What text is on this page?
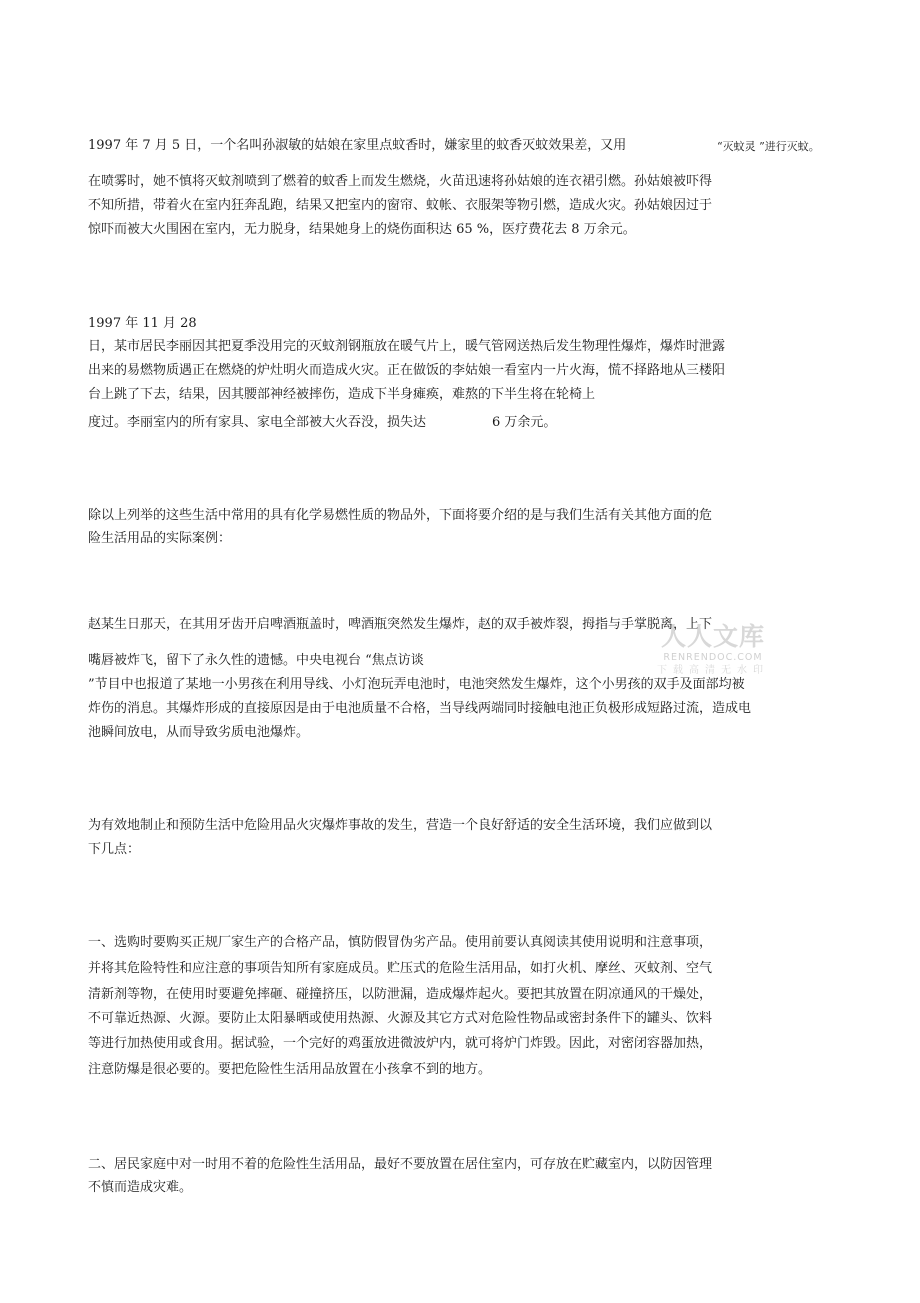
1997 年 7 月 5 日，一个名叫孙淑敏的姑娘在家里点蚊香时，嫌家里的蚊香灭蚊效果差，又用	“灭蚊灵 ”进行灭蚊。
在喷雾时，她不慎将灭蚊剂喷到了燃着的蚊香上而发生燃烧，火苗迅速将孙姑娘的连衣裙引燃。孙姑娘被吓得
不知所措，带着火在室内狂奔乱跑，结果又把室内的窗帘、蚊帐、衣服架等物引燃，造成火灾。孙姑娘因过于
惊吓而被大火围困在室内，无力脱身，结果她身上的烧伤面积达 65 %，医疗费花去 8 万余元。
1997 年 11 月 28
日，某市居民李丽因其把夏季没用完的灭蚊剂钢瓶放在暖气片上，暖气管网送热后发生物理性爆炸，爆炸时泄露
出来的易燃物质遇正在燃烧的炉灶明火而造成火灾。正在做饭的李姑娘一看室内一片火海，慌不择路地从三楼阳
台上跳了下去，结果，因其腰部神经被摔伤，造成下半身瘫痪，难熬的下半生将在轮椅上
度过。李丽室内的所有家具、家电全部被大火吞没，损失达	6 万余元。
除以上列举的这些生活中常用的具有化学易燃性质的物品外，下面将要介绍的是与我们生活有关其他方面的危
险生活用品的实际案例：
赵某生日那天，在其用牙齿开启啤酒瓶盖时，啤酒瓶突然发生爆炸，赵的双手被炸裂，拇指与手掌脱离，上下
嘴唇被炸飞，留下了永久性的遗憾。中央电视台 “焦点访谈
”节目中也报道了某地一小男孩在利用导线、小灯泡玩弄电池时，电池突然发生爆炸，这个小男孩的双手及面部均被
炸伤的消息。其爆炸形成的直接原因是由于电池质量不合格，当导线两端同时接触电池正负极形成短路过流，造成电
池瞬间放电，从而导致劣质电池爆炸。
人人文库
RENRENDOC.COM
下载高清无水印
为有效地制止和预防生活中危险用品火灾爆炸事故的发生，营造一个良好舒适的安全生活环境，我们应做到以
下几点：
一、选购时要购买正规厂家生产的合格产品，慎防假冒伪劣产品。使用前要认真阅读其使用说明和注意事项，
并将其危险特性和应注意的事项告知所有家庭成员。贮压式的危险生活用品，如打火机、摩丝、灭蚊剂、空气
清新剂等物，在使用时要避免摔砸、碰撞挤压，以防泄漏，造成爆炸起火。要把其放置在阴凉通风的干燥处，
不可靠近热源、火源。要防止太阳暴晒或使用热源、火源及其它方式对危险性物品或密封条件下的罐头、饮料
等进行加热使用或食用。据试验，一个完好的鸡蛋放进微波炉内，就可将炉门炸毁。因此，对密闭容器加热，
注意防爆是很必要的。要把危险性生活用品放置在小孩拿不到的地方。
二、居民家庭中对一时用不着的危险性生活用品，最好不要放置在居住室内，可存放在贮藏室内，以防因管理
不慎而造成灾难。
